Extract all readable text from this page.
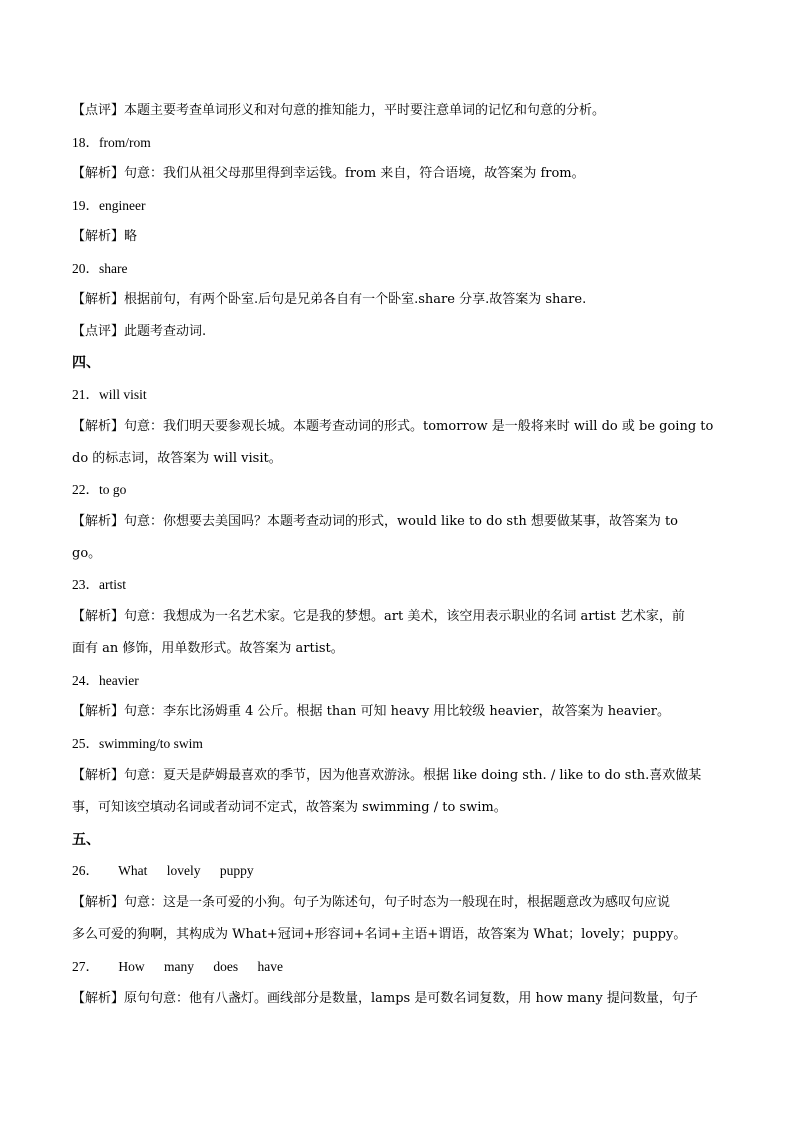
【点评】本题主要考查单词形义和对句意的推知能力，平时要注意单词的记忆和句意的分析。
18．from/rom
【解析】句意：我们从祖父母那里得到幸运钱。from 来自，符合语境，故答案为 from。
19．engineer
【解析】略
20．share
【解析】根据前句，有两个卧室.后句是兄弟各自有一个卧室.share 分享.故答案为 share.
【点评】此题考查动词.
四、
21．will visit
【解析】句意：我们明天要参观长城。本题考查动词的形式。tomorrow 是一般将来时 will do 或 be going to
do 的标志词，故答案为 will visit。
22．to go
【解析】句意：你想要去美国吗？本题考查动词的形式，would like to do sth 想要做某事，故答案为 to
go。
23．artist
【解析】句意：我想成为一名艺术家。它是我的梦想。art 美术，该空用表示职业的名词 artist 艺术家，前
面有 an 修饰，用单数形式。故答案为 artist。
24．heavier
【解析】句意：李东比汤姆重 4 公斤。根据 than 可知 heavy 用比较级 heavier，故答案为 heavier。
25．swimming/to swim
【解析】句意：夏天是萨姆最喜欢的季节，因为他喜欢游泳。根据 like doing sth. / like to do sth.喜欢做某
事，可知该空填动名词或者动词不定式，故答案为 swimming / to swim。
五、
26． What lovely puppy
【解析】句意：这是一条可爱的小狗。句子为陈述句，句子时态为一般现在时，根据题意改为感叹句应说
多么可爱的狗啊，其构成为 What+冠词+形容词+名词+主语+谓语，故答案为 What；lovely；puppy。
27． How many does have
【解析】原句句意：他有八盏灯。画线部分是数量，lamps 是可数名词复数，用 how many 提问数量，句子
